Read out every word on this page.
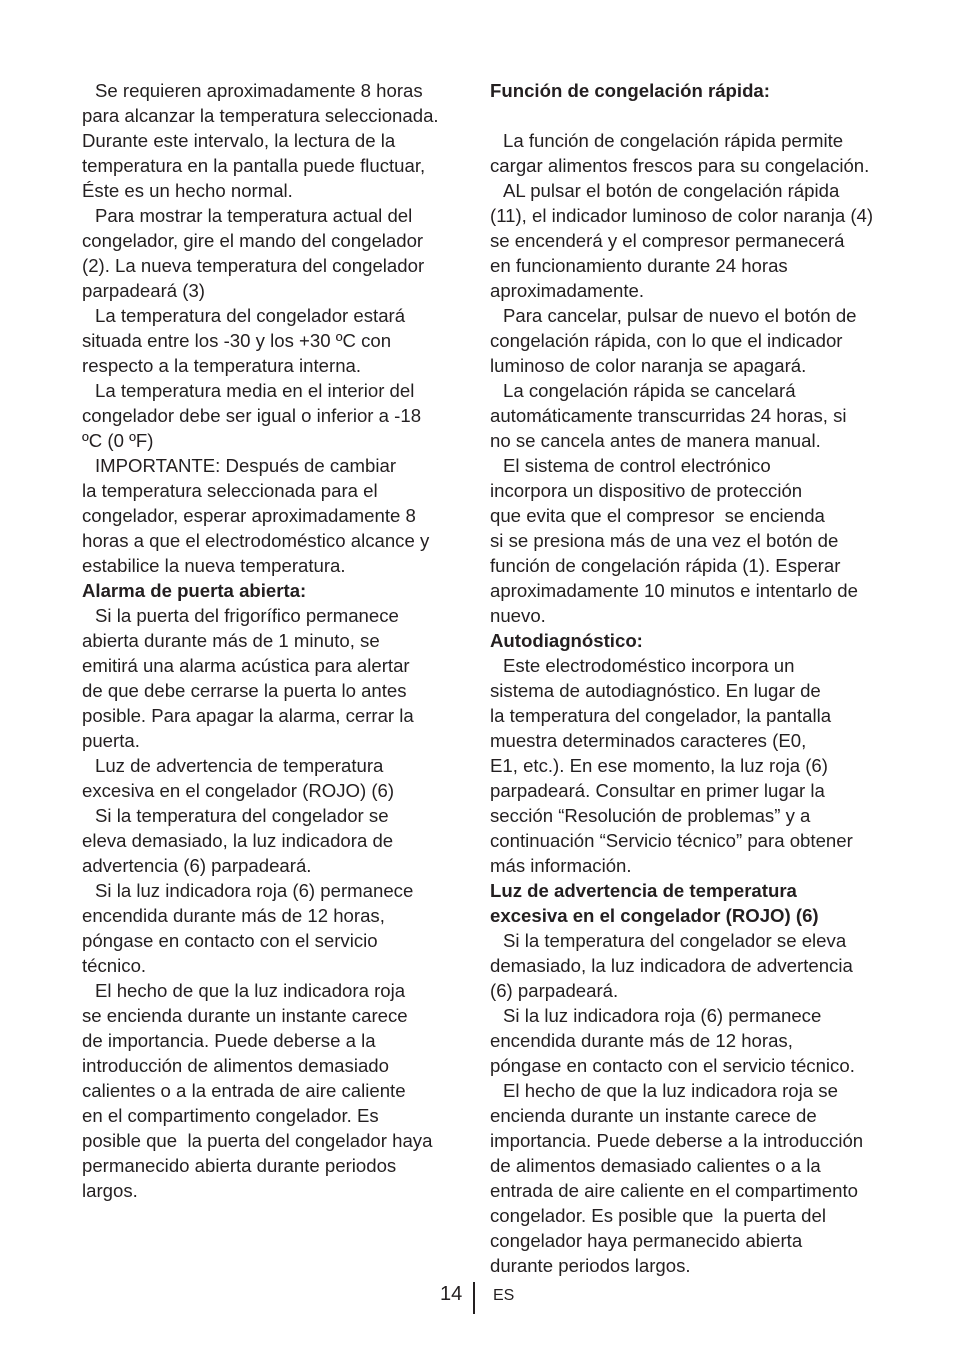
Se requieren aproximadamente 8 horas
para alcanzar la temperatura seleccionada.
Durante este intervalo, la lectura de la
temperatura en la pantalla puede fluctuar,
Éste es un hecho normal.
Para mostrar la temperatura actual del
congelador, gire el mando del congelador
(2). La nueva temperatura del congelador
parpadeará (3)
La temperatura del congelador estará
situada entre los -30 y los +30 ºC con
respecto a la temperatura interna.
La temperatura media en el interior del
congelador debe ser igual o inferior a -18
ºC (0 ºF)
IMPORTANTE: Después de cambiar
la temperatura seleccionada para el
congelador, esperar aproximadamente 8
horas a que el electrodoméstico alcance y
estabilice la nueva temperatura.
Alarma de puerta abierta:
Si la puerta del frigorífico permanece
abierta durante más de 1 minuto, se
emitirá una alarma acústica para alertar
de que debe cerrarse la puerta lo antes
posible. Para apagar la alarma, cerrar la
puerta.
Luz de advertencia de temperatura
excesiva en el congelador (ROJO) (6)
Si la temperatura del congelador se
eleva demasiado, la luz indicadora de
advertencia (6) parpadeará.
Si la luz indicadora roja (6) permanece
encendida durante más de 12 horas,
póngase en contacto con el servicio
técnico.
El hecho de que la luz indicadora roja
se encienda durante un instante carece
de importancia. Puede deberse a la
introducción de alimentos demasiado
calientes o a la entrada de aire caliente
en el compartimento congelador. Es
posible que  la puerta del congelador haya
permanecido abierta durante periodos
largos.
Función de congelación rápida:
La función de congelación rápida permite
cargar alimentos frescos para su congelación.
AL pulsar el botón de congelación rápida
(11), el indicador luminoso de color naranja (4)
se encenderá y el compresor permanecerá
en funcionamiento durante 24 horas
aproximadamente.
Para cancelar, pulsar de nuevo el botón de
congelación rápida, con lo que el indicador
luminoso de color naranja se apagará.
La congelación rápida se cancelará
automáticamente transcurridas 24 horas, si
no se cancela antes de manera manual.
El sistema de control electrónico
incorpora un dispositivo de protección
que evita que el compresor  se encienda
si se presiona más de una vez el botón de
función de congelación rápida (1). Esperar
aproximadamente 10 minutos e intentarlo de
nuevo.
Autodiagnóstico:
Este electrodoméstico incorpora un
sistema de autodiagnóstico. En lugar de
la temperatura del congelador, la pantalla
muestra determinados caracteres (E0,
E1, etc.). En ese momento, la luz roja (6)
parpadeará. Consultar en primer lugar la
sección “Resolución de problemas” y a
continuación “Servicio técnico” para obtener
más información.
Luz de advertencia de temperatura
excesiva en el congelador (ROJO) (6)
Si la temperatura del congelador se eleva
demasiado, la luz indicadora de advertencia
(6) parpadeará.
Si la luz indicadora roja (6) permanece
encendida durante más de 12 horas,
póngase en contacto con el servicio técnico.
El hecho de que la luz indicadora roja se
encienda durante un instante carece de
importancia. Puede deberse a la introducción
de alimentos demasiado calientes o a la
entrada de aire caliente en el compartimento
congelador. Es posible que  la puerta del
congelador haya permanecido abierta
durante periodos largos.
14 ES
